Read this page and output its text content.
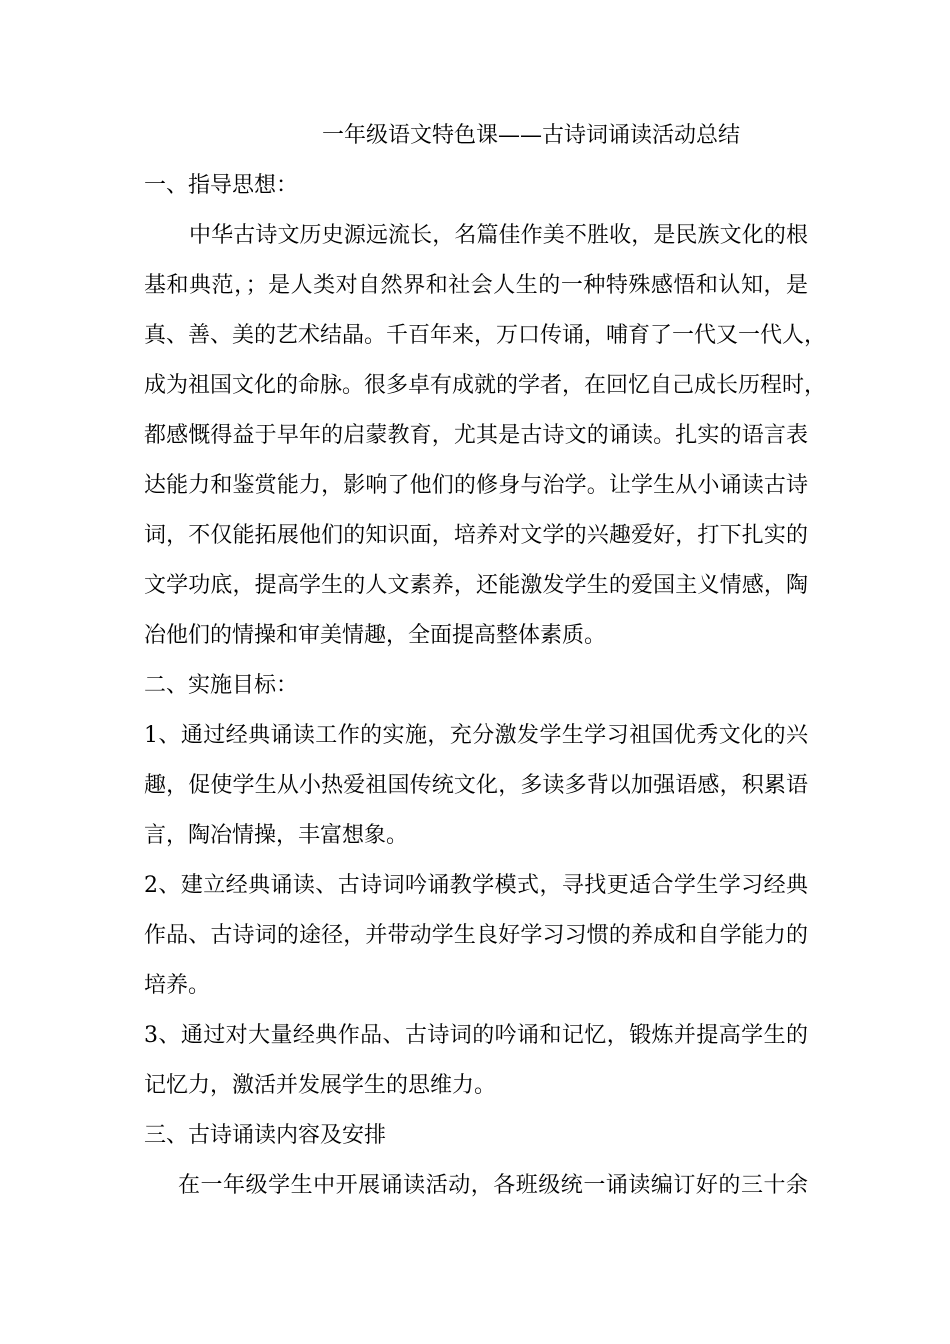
一年级语文特色课——古诗词诵读活动总结
一、指导思想：
中华古诗文历史源远流长，名篇佳作美不胜收，是民族文化的根
基和典范，；是人类对自然界和社会人生的一种特殊感悟和认知，是
真、善、美的艺术结晶。千百年来，万口传诵，哺育了一代又一代人，
成为祖国文化的命脉。很多卓有成就的学者，在回忆自己成长历程时，
都感慨得益于早年的启蒙教育，尤其是古诗文的诵读。扎实的语言表
达能力和鉴赏能力，影响了他们的修身与治学。让学生从小诵读古诗
词，不仅能拓展他们的知识面，培养对文学的兴趣爱好，打下扎实的
文学功底，提高学生的人文素养，还能激发学生的爱国主义情感，陶
冶他们的情操和审美情趣，全面提高整体素质。
二、实施目标：
1、通过经典诵读工作的实施，充分激发学生学习祖国优秀文化的兴
趣，促使学生从小热爱祖国传统文化，多读多背以加强语感，积累语
言，陶冶情操，丰富想象。
2、建立经典诵读、古诗词吟诵教学模式，寻找更适合学生学习经典
作品、古诗词的途径，并带动学生良好学习习惯的养成和自学能力的
培养。
3、通过对大量经典作品、古诗词的吟诵和记忆，锻炼并提高学生的
记忆力，激活并发展学生的思维力。
三、古诗诵读内容及安排
在一年级学生中开展诵读活动，各班级统一诵读编订好的三十余
